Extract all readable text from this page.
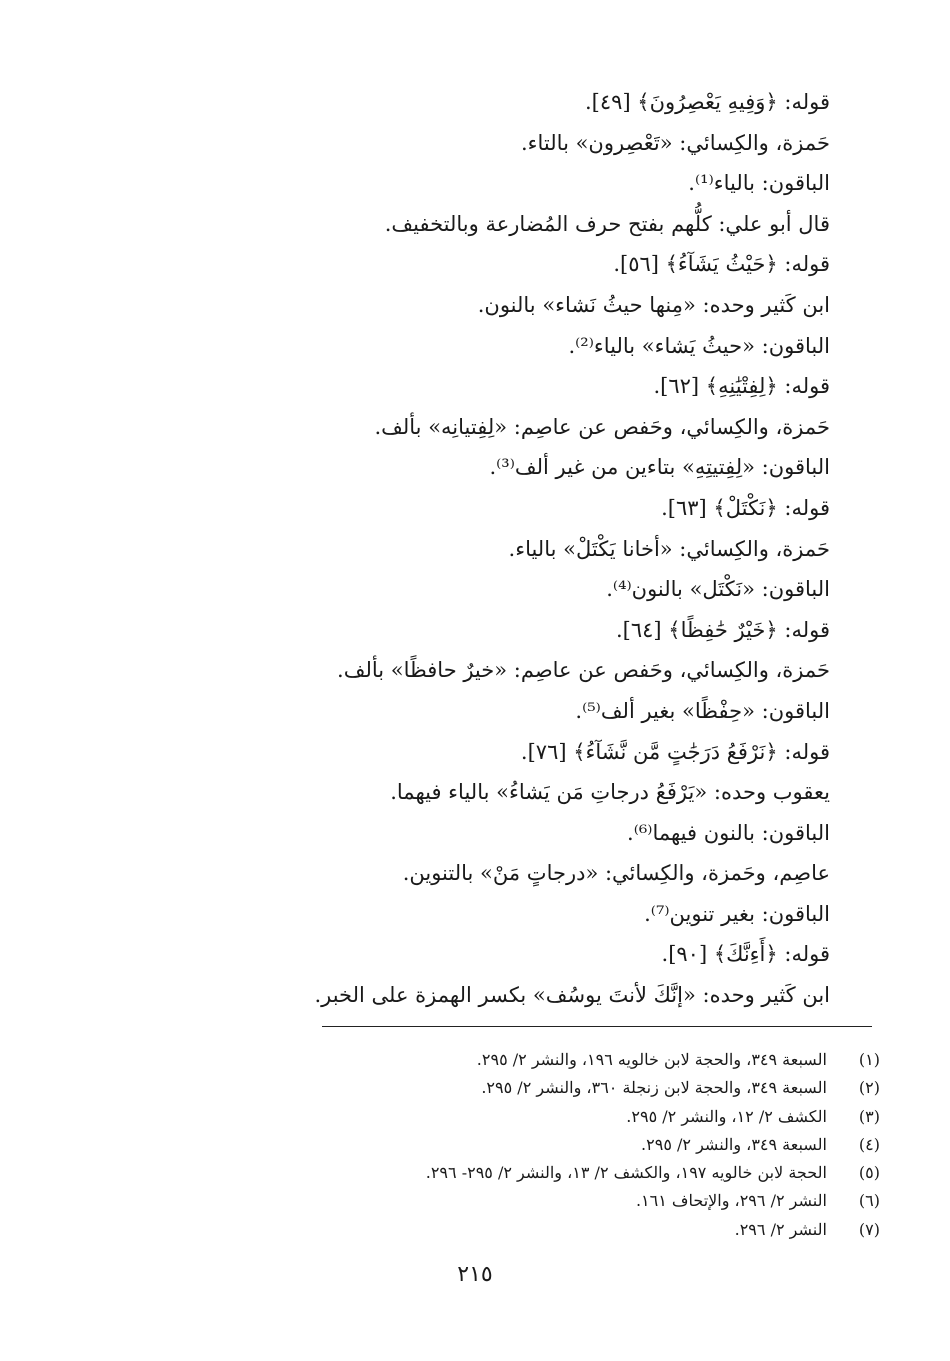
قوله: ﴿وَفِيهِ يَعْصِرُونَ﴾ [٤٩].
حَمزة، والكِسائي: «تَعْصِرون» بالتاء.
الباقون: بالياء⁽¹⁾.
قال أبو علي: كلُّهم بفتح حرف المُضارعة وبالتخفيف.
قوله: ﴿حَيْثُ يَشَآءُ﴾ [٥٦].
ابن كَثير وحده: «مِنها حيثُ نَشاء» بالنون.
الباقون: «حيثُ يَشاء» بالياء⁽²⁾.
قوله: ﴿لِفِتْيَٰنِهِ﴾ [٦٢].
حَمزة، والكِسائي، وحَفص عن عاصِم: «لِفِتيانِه» بألف.
الباقون: «لِفِتيتِهِ» بتاءين من غير ألف⁽³⁾.
قوله: ﴿نَكْتَلْ﴾ [٦٣].
حَمزة، والكِسائي: «أخانا يَكْتَلْ» بالياء.
الباقون: «نَكْتَل» بالنون⁽⁴⁾.
قوله: ﴿خَيْرٌ حَٰفِظًا﴾ [٦٤].
حَمزة، والكِسائي، وحَفص عن عاصِم: «خيرٌ حافظًا» بألف.
الباقون: «حِفْظًا» بغير ألف⁽⁵⁾.
قوله: ﴿نَرْفَعُ دَرَجَٰتٍ مَّن نَّشَآءُ﴾ [٧٦].
يعقوب وحده: «يَرْفَعُ درجاتِ مَن يَشاءُ» بالياء فيهما.
الباقون: بالنون فيهما⁽⁶⁾.
عاصِم، وحَمزة، والكِسائي: «درجاتٍ مَنْ» بالتنوين.
الباقون: بغير تنوين⁽⁷⁾.
قوله: ﴿أَءِنَّكَ﴾ [٩٠].
ابن كَثير وحده: «إنَّكَ لأنتَ يوسُف» بكسر الهمزة على الخبر.
(١) السبعة ٣٤٩، والحجة لابن خالويه ١٩٦، والنشر ٢/ ٢٩٥.
(٢) السبعة ٣٤٩، والحجة لابن زنجلة ٣٦٠، والنشر ٢/ ٢٩٥.
(٣) الكشف ٢/ ١٢، والنشر ٢/ ٢٩٥.
(٤) السبعة ٣٤٩، والنشر ٢/ ٢٩٥.
(٥) الحجة لابن خالويه ١٩٧، والكشف ٢/ ١٣، والنشر ٢/ ٢٩٥- ٢٩٦.
(٦) النشر ٢/ ٢٩٦، والإتحاف ١٦١.
(٧) النشر ٢/ ٢٩٦.
٢١٥
